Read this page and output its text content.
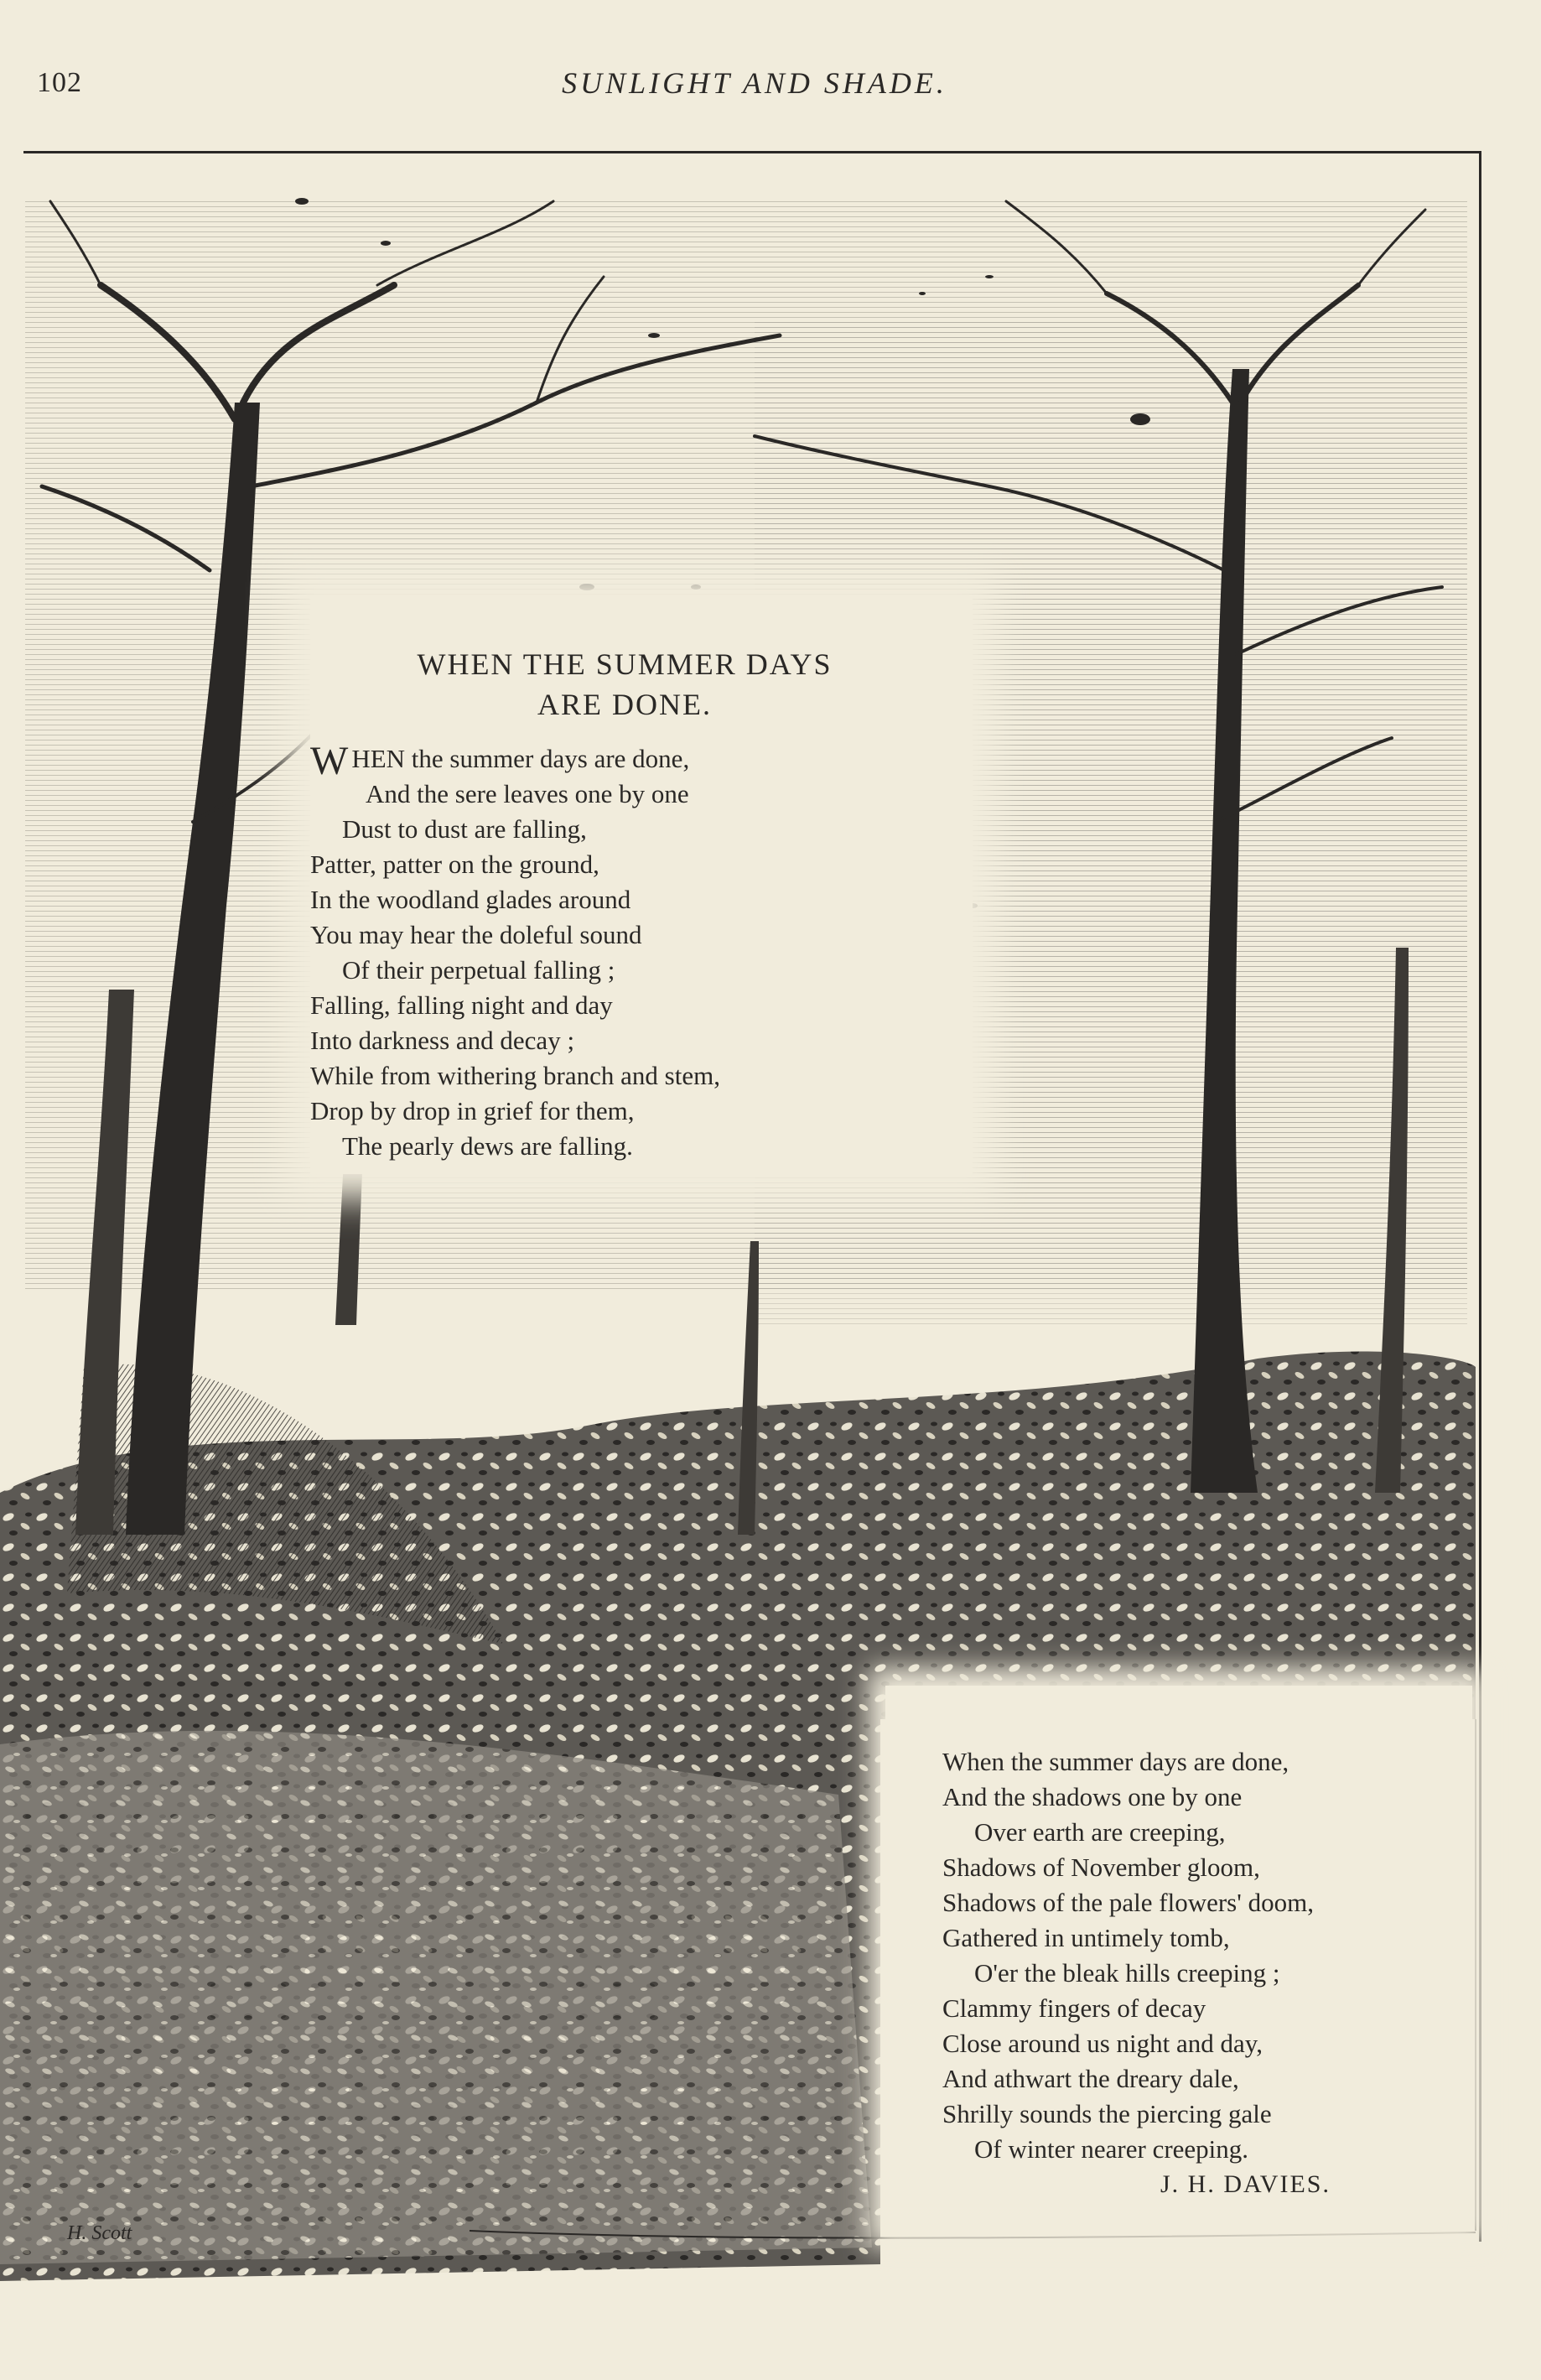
102	SUNLIGHT AND SHADE.
WHEN THE SUMMER DAYS
ARE DONE.
WHEN the summer days are done,
And the sere leaves one by one
Dust to dust are falling,
Patter, patter on the ground,
In the woodland glades around
You may hear the doleful sound
Of their perpetual falling ;
Falling, falling night and day
Into darkness and decay ;
While from withering branch and stem,
Drop by drop in grief for them,
The pearly dews are falling.
When the summer days are done,
And the shadows one by one
Over earth are creeping,
Shadows of November gloom,
Shadows of the pale flowers' doom,
Gathered in untimely tomb,
O'er the bleak hills creeping ;
Clammy fingers of decay
Close around us night and day,
And athwart the dreary dale,
Shrilly sounds the piercing gale
Of winter nearer creeping.
J. H. DAVIES.
H. Scott
